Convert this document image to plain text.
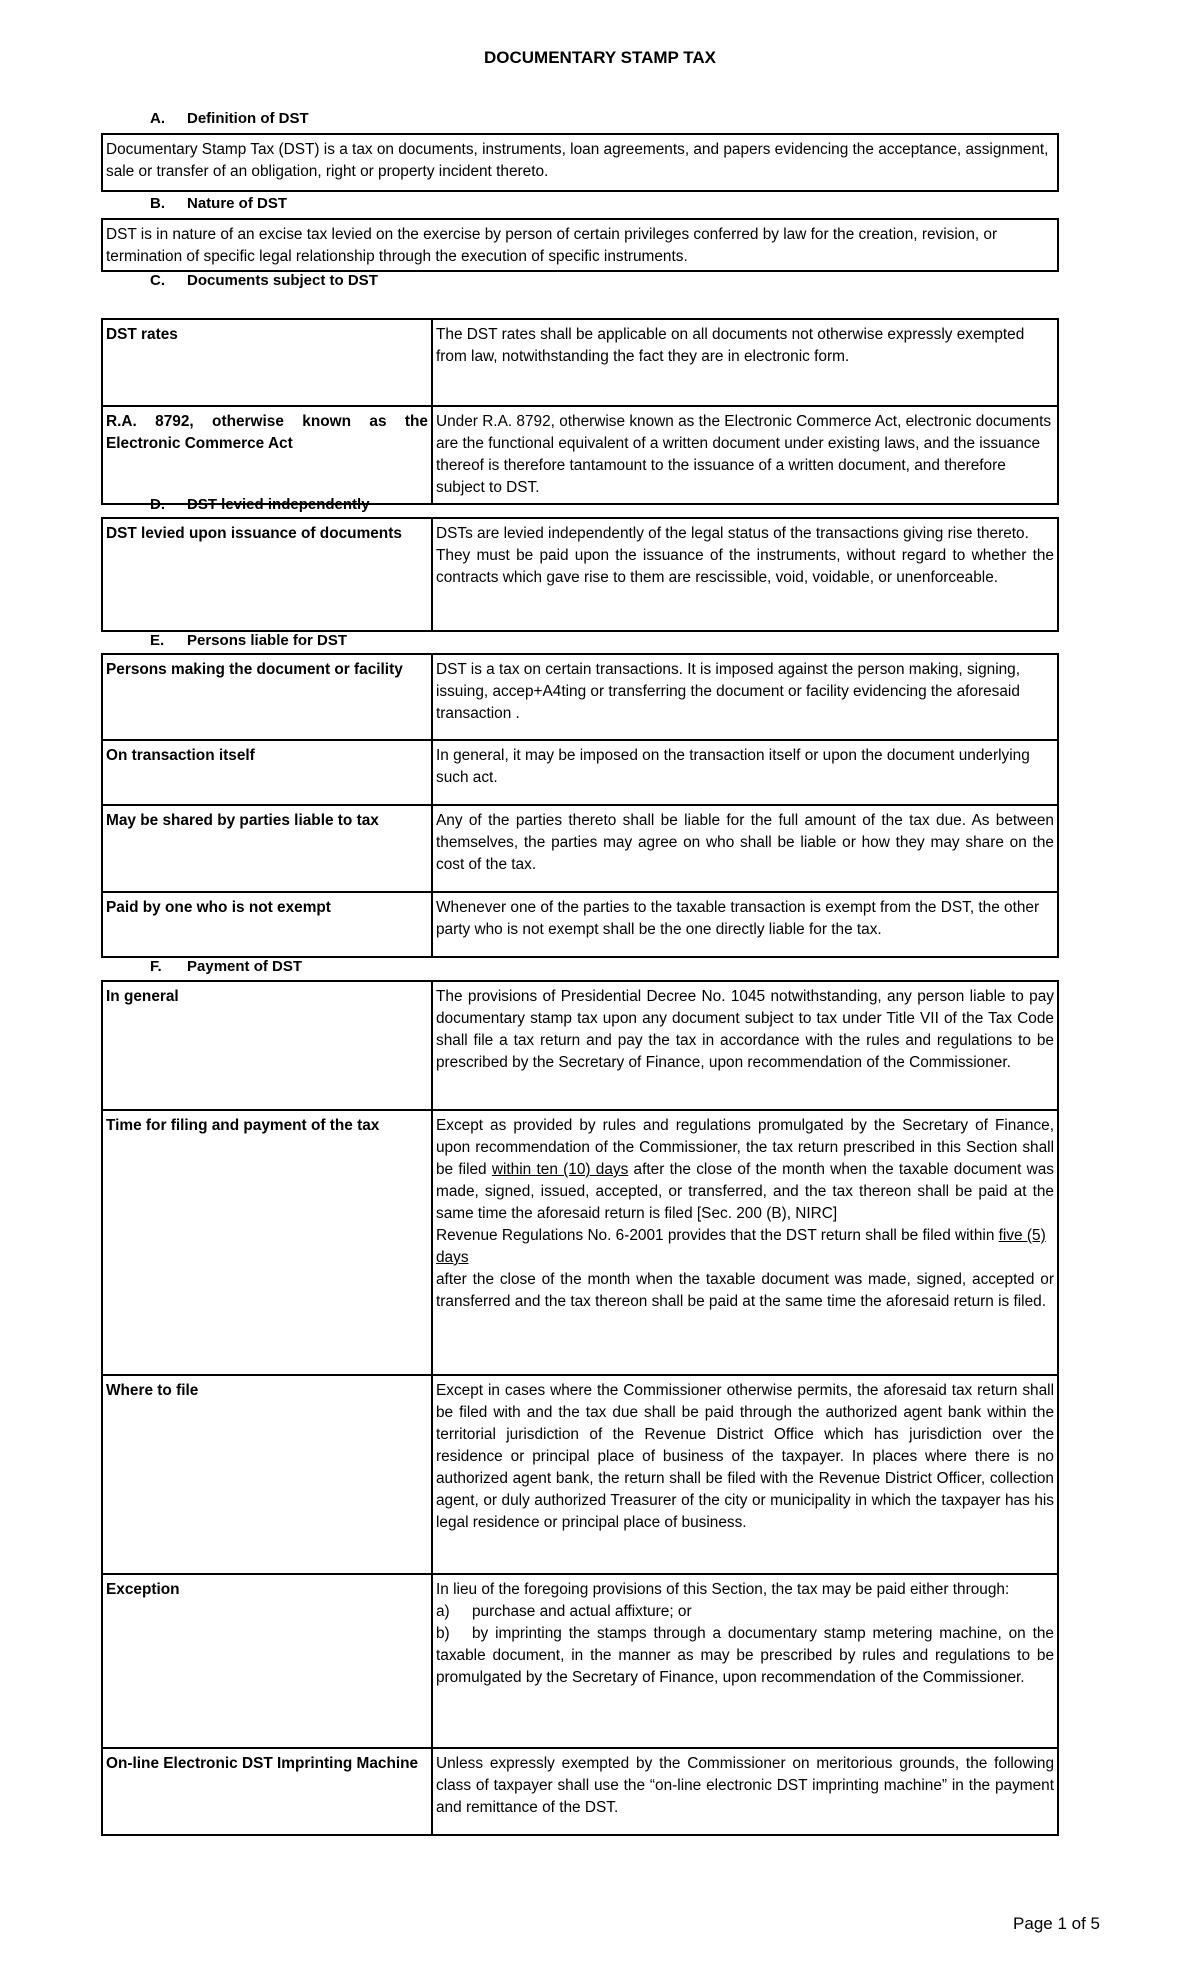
DOCUMENTARY STAMP TAX
A. Definition of DST
Documentary Stamp Tax (DST) is a tax on documents, instruments, loan agreements, and papers evidencing the acceptance, assignment, sale or transfer of an obligation, right or property incident thereto.
B. Nature of DST
DST is in nature of an excise tax levied on the exercise by person of certain privileges conferred by law for the creation, revision, or termination of specific legal relationship through the execution of specific instruments.
C. Documents subject to DST
DST rates	The DST rates shall be applicable on all documents not otherwise expressly exempted from law, notwithstanding the fact they are in electronic form.
R.A. 8792, otherwise known as the Electronic Commerce Act	Under R.A. 8792, otherwise known as the Electronic Commerce Act, electronic documents are the functional equivalent of a written document under existing laws, and the issuance thereof is therefore tantamount to the issuance of a written document, and therefore subject to DST.
D. DST levied independently
DST levied upon issuance of documents	DSTs are levied independently of the legal status of the transactions giving rise thereto.
They must be paid upon the issuance of the instruments, without regard to whether the contracts which gave rise to them are rescissible, void, voidable, or unenforceable.
E. Persons liable for DST
Persons making the document or facility	DST is a tax on certain transactions. It is imposed against the person making, signing, issuing, accep+A4ting or transferring the document or facility evidencing the aforesaid transaction .
On transaction itself	In general, it may be imposed on the transaction itself or upon the document underlying such act.
May be shared by parties liable to tax	Any of the parties thereto shall be liable for the full amount of the tax due. As between themselves, the parties may agree on who shall be liable or how they may share on the cost of the tax.
Paid by one who is not exempt	Whenever one of the parties to the taxable transaction is exempt from the DST, the other party who is not exempt shall be the one directly liable for the tax.
F. Payment of DST
In general	The provisions of Presidential Decree No. 1045 notwithstanding, any person liable to pay documentary stamp tax upon any document subject to tax under Title VII of the Tax Code shall file a tax return and pay the tax in accordance with the rules and regulations to be prescribed by the Secretary of Finance, upon recommendation of the Commissioner.
Time for filing and payment of the tax	Except as provided by rules and regulations promulgated by the Secretary of Finance, upon recommendation of the Commissioner, the tax return prescribed in this Section shall be filed within ten (10) days after the close of the month when the taxable document was made, signed, issued, accepted, or transferred, and the tax thereon shall be paid at the same time the aforesaid return is filed [Sec. 200 (B), NIRC]
Revenue Regulations No. 6-2001 provides that the DST return shall be filed within five (5) days
after the close of the month when the taxable document was made, signed, accepted or transferred and the tax thereon shall be paid at the same time the aforesaid return is filed.

Where to file	Except in cases where the Commissioner otherwise permits, the aforesaid tax return shall be filed with and the tax due shall be paid through the authorized agent bank within the territorial jurisdiction of the Revenue District Office which has jurisdiction over the residence or principal place of business of the taxpayer. In places where there is no authorized agent bank, the return shall be filed with the Revenue District Officer, collection agent, or duly authorized Treasurer of the city or municipality in which the taxpayer has his legal residence or principal place of business.
Exception	In lieu of the foregoing provisions of this Section, the tax may be paid either through:
a) purchase and actual affixture; or
b) by imprinting the stamps through a documentary stamp metering machine, on the taxable document, in the manner as may be prescribed by rules and regulations to be promulgated by the Secretary of Finance, upon recommendation of the Commissioner.

On-line Electronic DST Imprinting Machine	Unless expressly exempted by the Commissioner on meritorious grounds, the following class of taxpayer shall use the “on-line electronic DST imprinting machine” in the payment and remittance of the DST.
Page 1 of 5
